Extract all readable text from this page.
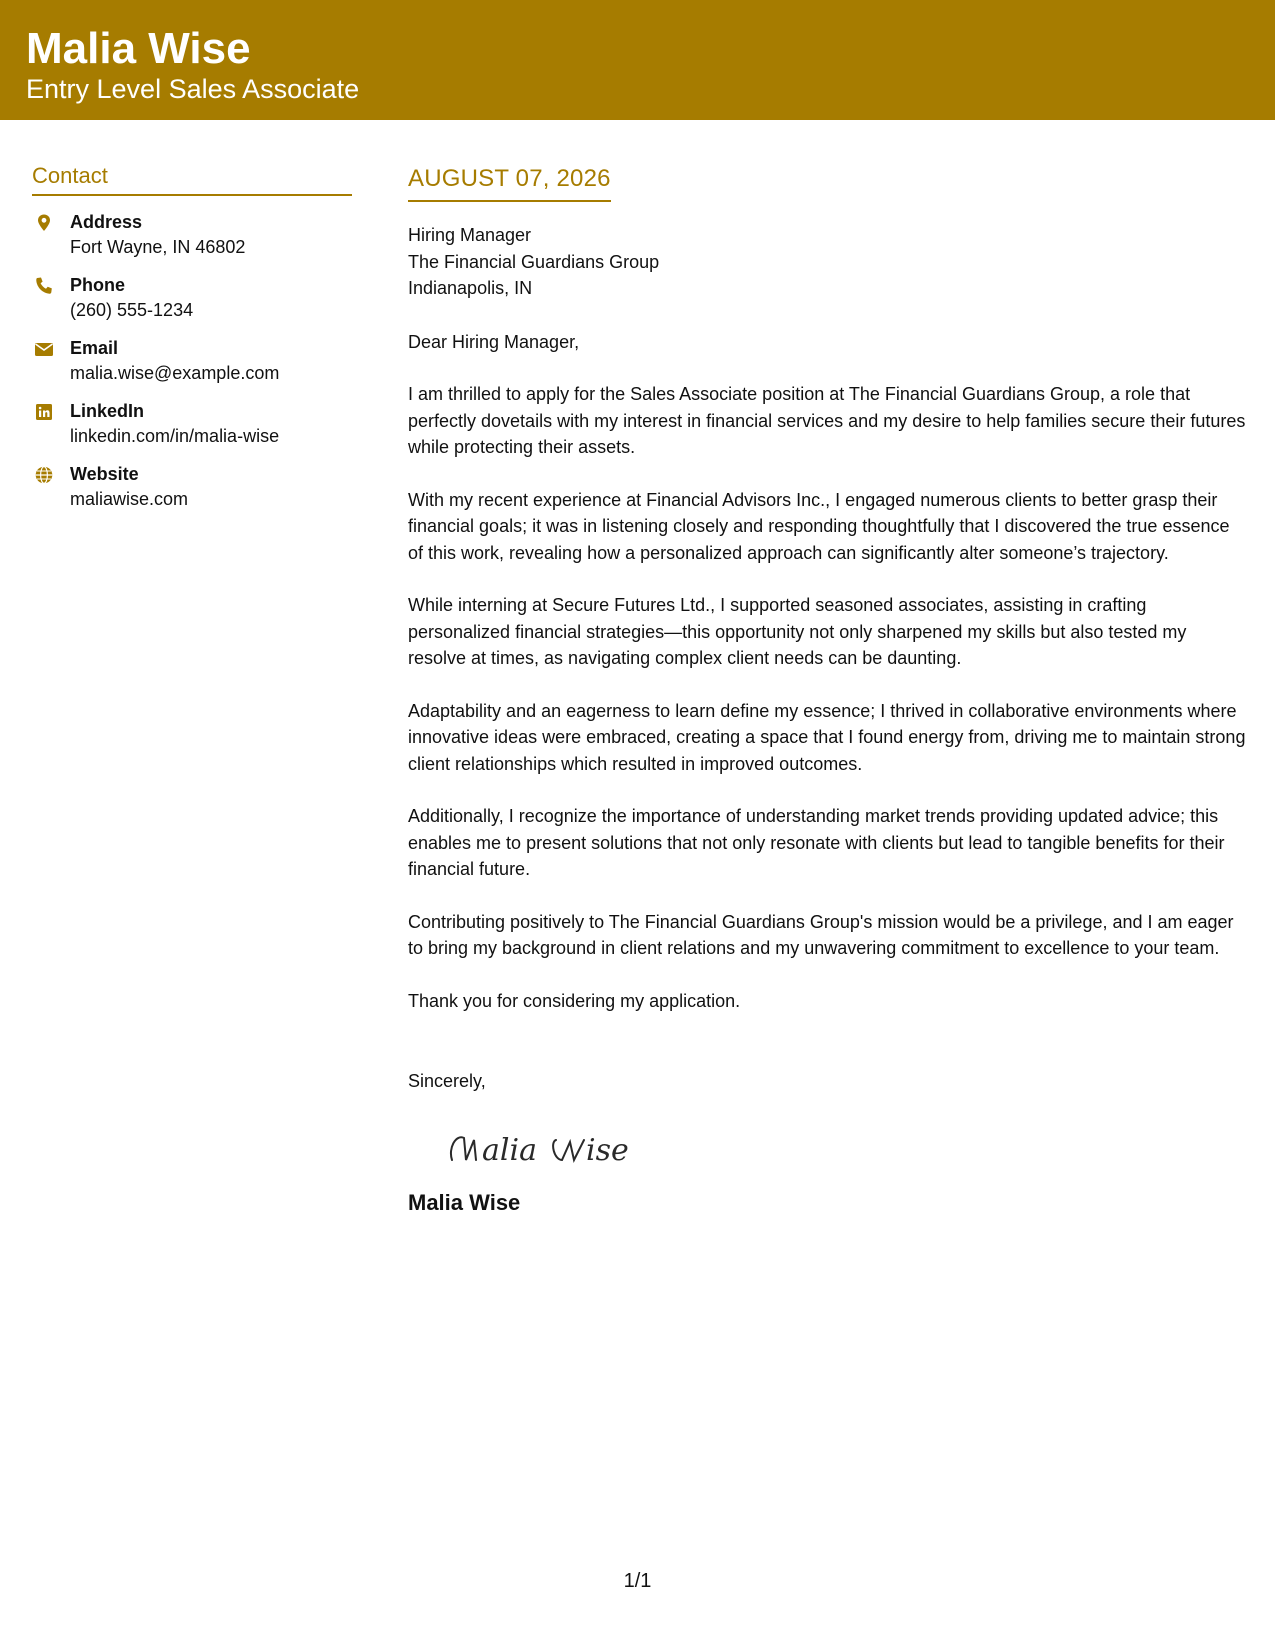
Malia Wise
Entry Level Sales Associate
Contact
Address
Fort Wayne, IN 46802
Phone
(260) 555-1234
Email
malia.wise@example.com
LinkedIn
linkedin.com/in/malia-wise
Website
maliawise.com
AUGUST 07, 2026
Hiring Manager
The Financial Guardians Group
Indianapolis, IN
Dear Hiring Manager,
I am thrilled to apply for the Sales Associate position at The Financial Guardians Group, a role that perfectly dovetails with my interest in financial services and my desire to help families secure their futures while protecting their assets.
With my recent experience at Financial Advisors Inc., I engaged numerous clients to better grasp their financial goals; it was in listening closely and responding thoughtfully that I discovered the true essence of this work, revealing how a personalized approach can significantly alter someone’s trajectory.
While interning at Secure Futures Ltd., I supported seasoned associates, assisting in crafting personalized financial strategies—this opportunity not only sharpened my skills but also tested my resolve at times, as navigating complex client needs can be daunting.
Adaptability and an eagerness to learn define my essence; I thrived in collaborative environments where innovative ideas were embraced, creating a space that I found energy from, driving me to maintain strong client relationships which resulted in improved outcomes.
Additionally, I recognize the importance of understanding market trends providing updated advice; this enables me to present solutions that not only resonate with clients but lead to tangible benefits for their financial future.
Contributing positively to The Financial Guardians Group's mission would be a privilege, and I am eager to bring my background in client relations and my unwavering commitment to excellence to your team.
Thank you for considering my application.
Sincerely,
alia ise
Malia Wise
1/1
